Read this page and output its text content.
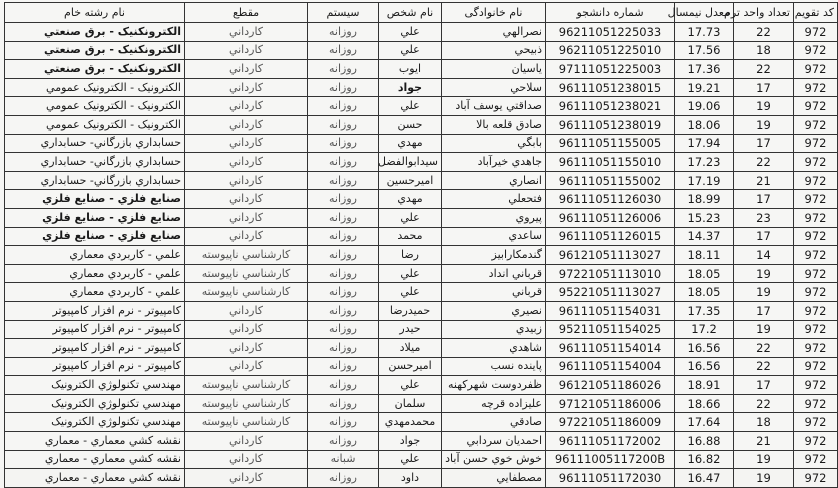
کد تقویم	تعداد واحد ترم	معدل نیمسال	شماره دانشجو	نام خانوادگی	نام شخص	سیستم	مقطع	نام رشته خام
972	22	17.73	96211051225033	نصرالهي	علي	روزانه	کارداني	الکترونکنيک - برق صنعتي
972	18	17.56	96211051225010	ذبيحي	علي	روزانه	کارداني	الکترونکنيک - برق صنعتي
972	22	17.36	97111051225003	ياسيان	ايوب	روزانه	کارداني	الکترونکنيک - برق صنعتي
972	17	19.21	96111051238015	سلاحي	جواد	روزانه	کارداني	الکترونيک - الکترونيک عمومي
972	19	19.06	96111051238021	صداقتي يوسف آباد	علي	روزانه	کارداني	الکترونيک - الکترونيک عمومي
972	19	18.06	96111051238019	صادق قلعه بالا	حسن	روزانه	کارداني	الکترونيک - الکترونيک عمومي
972	17	17.94	96111051155005	بابگي	مهدي	روزانه	کارداني	حسابداري بازرگاني- حسابداري
972	22	17.23	96111051155010	جاهدي خيرآباد	سيدابوالفضل	روزانه	کارداني	حسابداري بازرگاني- حسابداري
972	21	17.19	96111051155002	انصاري	اميرحسين	روزانه	کارداني	حسابداري بازرگاني- حسابداري
972	17	18.99	96111051126030	فتحعلي	مهدي	روزانه	کارداني	صنايع فلزي - صنايع فلزي
972	23	15.23	96111051126006	پيروي	علي	روزانه	کارداني	صنايع فلزي - صنايع فلزي
972	17	14.37	96111051126015	ساعدي	محمد	روزانه	کارداني	صنايع فلزي - صنايع فلزي
972	14	18.11	96121051113027	گندمکارابيز	رضا	روزانه	کارشناسي ناپيوسته	علمي - کاربردي معماري
972	19	18.05	97221051113010	قرباني انداد	علي	روزانه	کارشناسي ناپيوسته	علمي - کاربردي معماري
972	19	18.05	95221051113027	قرباني	علي	روزانه	کارشناسي ناپيوسته	علمي - کاربردي معماري
972	17	17.35	96111051154031	نصيري	حميدرضا	روزانه	کارداني	کامپيوتر - نرم افزار کامپيوتر
972	19	17.2	95211051154025	زبيدي	حيدر	روزانه	کارداني	کامپيوتر - نرم افزار کامپيوتر
972	22	16.56	96111051154014	شاهدي	ميلاد	روزانه	کارداني	کامپيوتر - نرم افزار کامپيوتر
972	22	16.56	96111051154004	پاينده نسب	اميرحسن	روزانه	کارداني	کامپيوتر - نرم افزار کامپيوتر
972	17	18.91	96121051186026	ظفردوست شهرکهنه	علي	روزانه	کارشناسي ناپيوسته	مهندسي تکنولوژي الکترونيک
972	22	18.66	97121051186006	عليزاده قرچه	سلمان	روزانه	کارشناسي ناپيوسته	مهندسي تکنولوژي الکترونيک
972	18	17.64	97221051186009	صادقي	محمدمهدي	روزانه	کارشناسي ناپيوسته	مهندسي تکنولوژي الکترونيک
972	21	16.88	96111051172002	احمديان سردابي	جواد	روزانه	کارداني	نقشه کشي معماري - معماري
972	19	16.82	96111005117200B	خوش خوي حسن آباد	علي	شبانه	کارداني	نقشه کشي معماري - معماري
972	19	16.47	96111051172030	مصطفايي	داود	روزانه	کارداني	نقشه کشي معماري - معماري
